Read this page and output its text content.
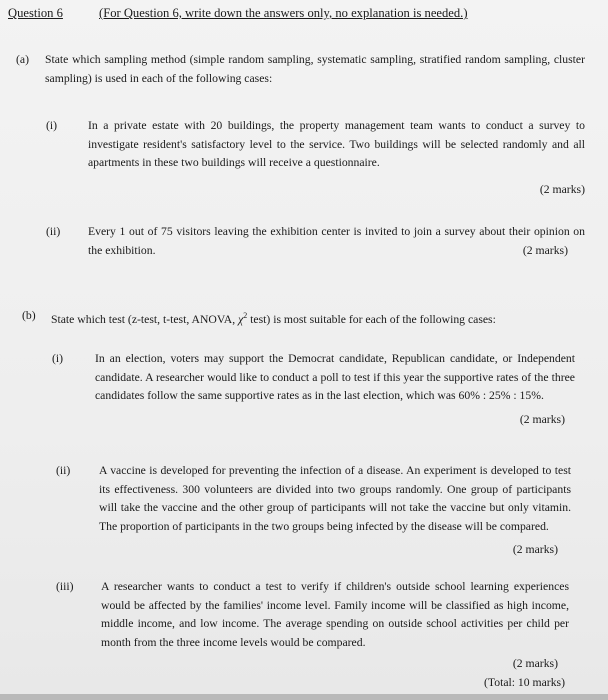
Question 6	(For Question 6, write down the answers only, no explanation is needed.)
(a) State which sampling method (simple random sampling, systematic sampling, stratified random sampling, cluster sampling) is used in each of the following cases:
(i)	In a private estate with 20 buildings, the property management team wants to conduct a survey to investigate resident's satisfactory level to the service. Two buildings will be selected randomly and all apartments in these two buildings will receive a questionnaire.
(2 marks)
(ii) Every 1 out of 75 visitors leaving the exhibition center is invited to join a survey about their opinion on the exhibition.	(2 marks)
(b) State which test (z-test, t-test, ANOVA, $\chi^2$ test) is most suitable for each of the following cases:
(i)	In an election, voters may support the Democrat candidate, Republican candidate, or Independent candidate. A researcher would like to conduct a poll to test if this year the supportive rates of the three candidates follow the same supportive rates as in the last election, which was 60% : 25% : 15%.
(2 marks)
(ii) A vaccine is developed for preventing the infection of a disease. An experiment is developed to test its effectiveness. 300 volunteers are divided into two groups randomly. One group of participants will take the vaccine and the other group of participants will not take the vaccine but only vitamin. The proportion of participants in the two groups being infected by the disease will be compared.
(2 marks)
(iii) A researcher wants to conduct a test to verify if children's outside school learning experiences would be affected by the families' income level. Family income will be classified as high income, middle income, and low income. The average spending on outside school activities per child per month from the three income levels would be compared.
(2 marks)
(Total: 10 marks)
